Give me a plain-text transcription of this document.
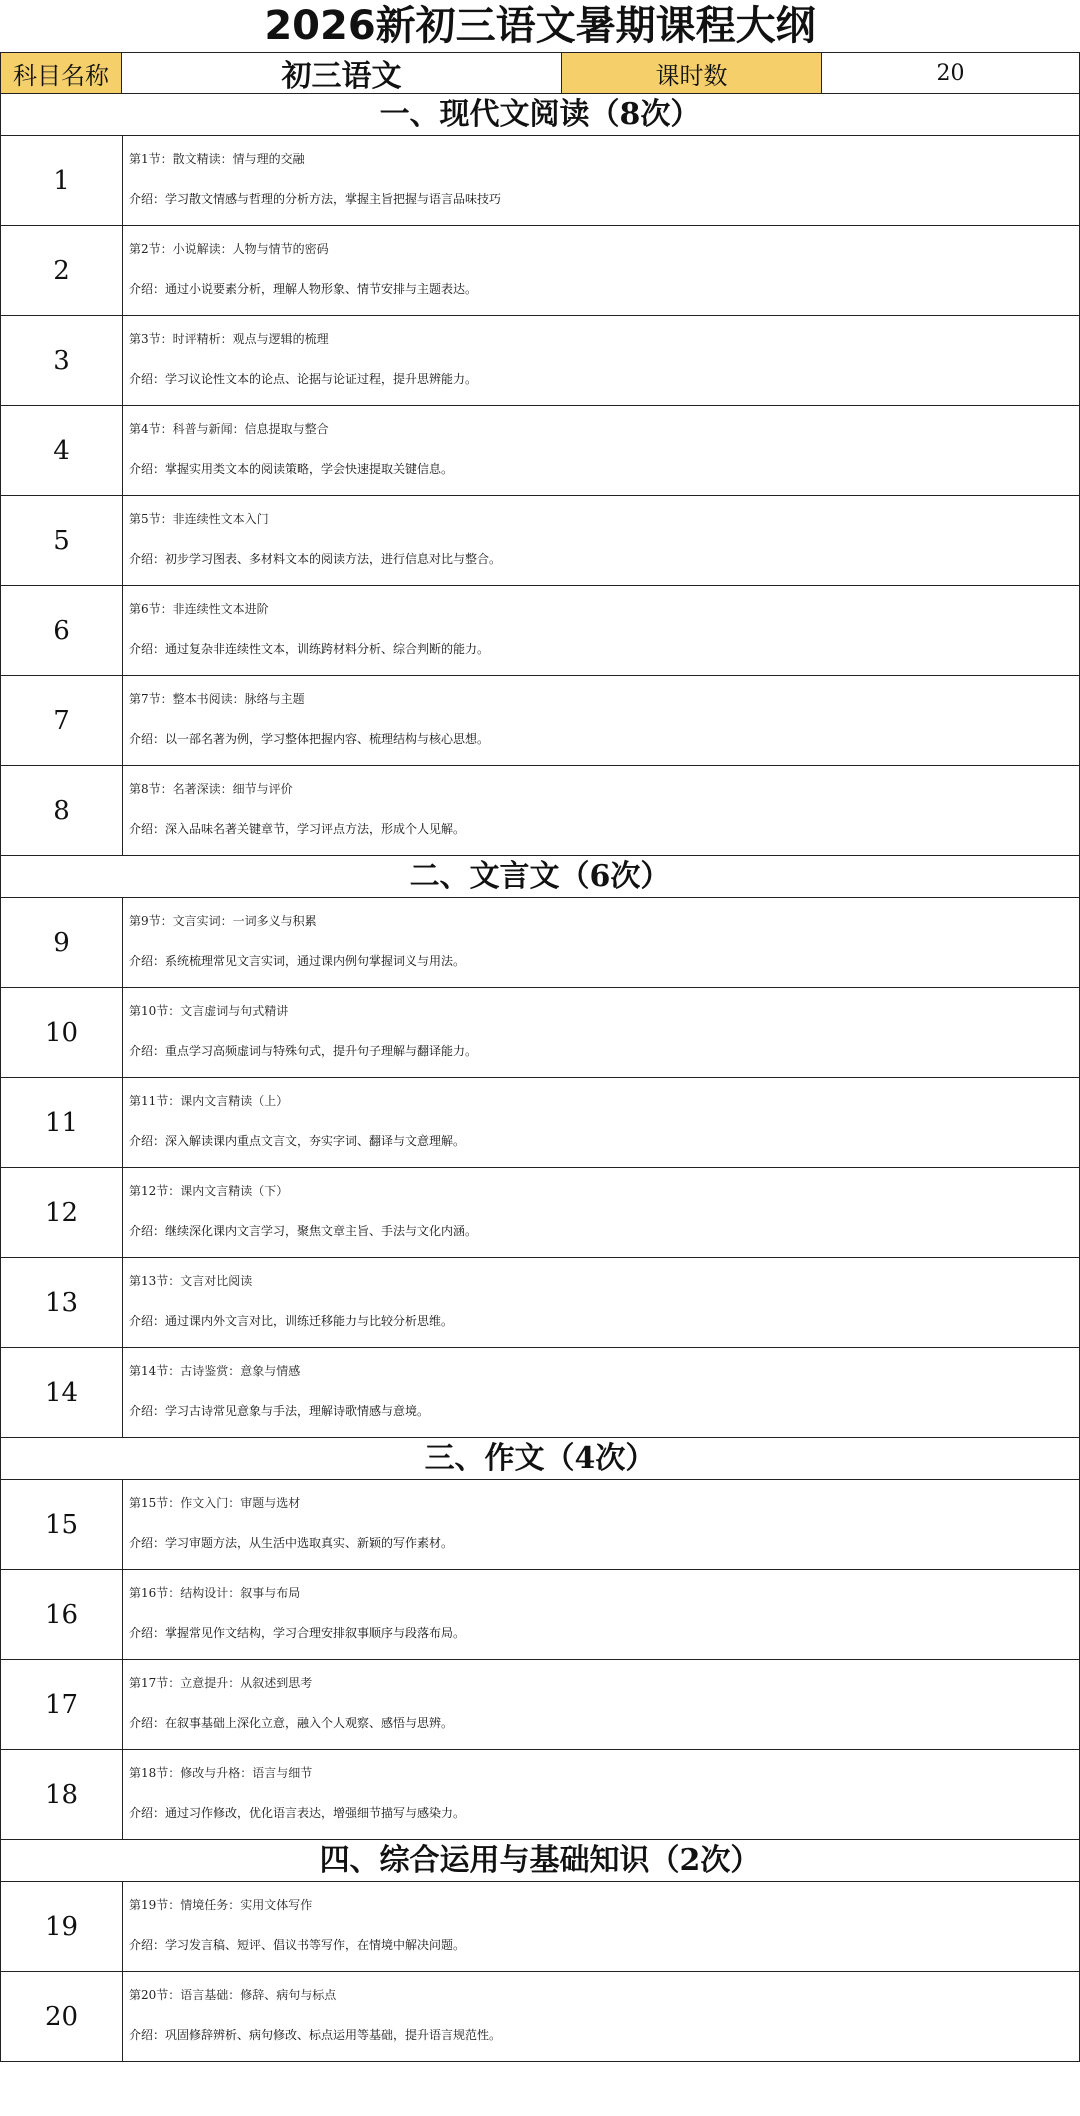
2026新初三语文暑期课程大纲
科目名称	初三语文	课时数	20
一、现代文阅读（8次）
1
第1节：散文精读：情与理的交融
介绍：学习散文情感与哲理的分析方法，掌握主旨把握与语言品味技巧
2
第2节：小说解读：人物与情节的密码
介绍：通过小说要素分析，理解人物形象、情节安排与主题表达。
3
第3节：时评精析：观点与逻辑的梳理
介绍：学习议论性文本的论点、论据与论证过程，提升思辨能力。
4
第4节：科普与新闻：信息提取与整合
介绍：掌握实用类文本的阅读策略，学会快速提取关键信息。
5
第5节：非连续性文本入门
介绍：初步学习图表、多材料文本的阅读方法，进行信息对比与整合。
6
第6节：非连续性文本进阶
介绍：通过复杂非连续性文本，训练跨材料分析、综合判断的能力。
7
第7节：整本书阅读：脉络与主题
介绍：以一部名著为例，学习整体把握内容、梳理结构与核心思想。
8
第8节：名著深读：细节与评价
介绍：深入品味名著关键章节，学习评点方法，形成个人见解。
二、文言文（6次）
9
第9节：文言实词：一词多义与积累
介绍：系统梳理常见文言实词，通过课内例句掌握词义与用法。
10
第10节：文言虚词与句式精讲
介绍：重点学习高频虚词与特殊句式，提升句子理解与翻译能力。
11
第11节：课内文言精读（上）
介绍：深入解读课内重点文言文，夯实字词、翻译与文意理解。
12
第12节：课内文言精读（下）
介绍：继续深化课内文言学习，聚焦文章主旨、手法与文化内涵。
13
第13节：文言对比阅读
介绍：通过课内外文言对比，训练迁移能力与比较分析思维。
14
第14节：古诗鉴赏：意象与情感
介绍：学习古诗常见意象与手法，理解诗歌情感与意境。
三、作文（4次）
15
第15节：作文入门：审题与选材
介绍：学习审题方法，从生活中选取真实、新颖的写作素材。
16
第16节：结构设计：叙事与布局
介绍：掌握常见作文结构，学习合理安排叙事顺序与段落布局。
17
第17节：立意提升：从叙述到思考
介绍：在叙事基础上深化立意，融入个人观察、感悟与思辨。
18
第18节：修改与升格：语言与细节
介绍：通过习作修改，优化语言表达，增强细节描写与感染力。
四、综合运用与基础知识（2次）
19
第19节：情境任务：实用文体写作
介绍：学习发言稿、短评、倡议书等写作，在情境中解决问题。
20
第20节：语言基础：修辞、病句与标点
介绍：巩固修辞辨析、病句修改、标点运用等基础，提升语言规范性。
